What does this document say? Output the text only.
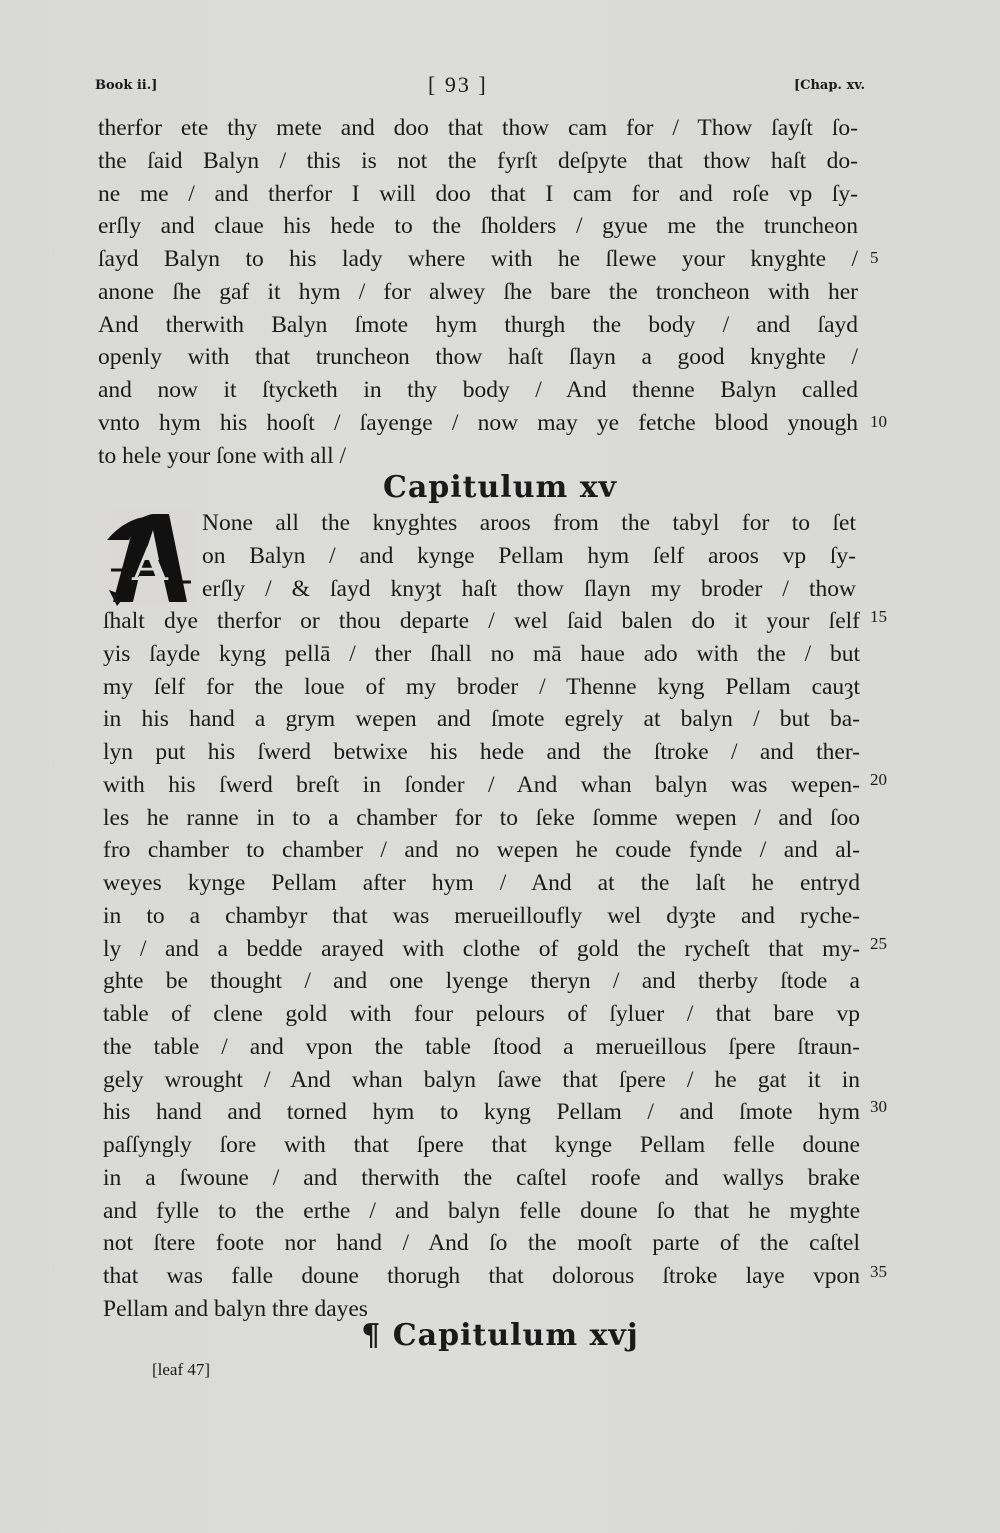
Book ii.]	[ 93 ]	[Chap. xv.
therfor ete thy mete and doo that thow cam for / Thow ſayſt ſo-
the ſaid Balyn / this is not the fyrſt deſpyte that thow haſt do-
ne me / and therfor I will doo that I cam for and roſe vp ſy-
erſly and claue his hede to the ſholders / gyue me the truncheon
ſayd Balyn to his lady where with he ſlewe your knyghte /
anone ſhe gaf it hym / for alwey ſhe bare the troncheon with her
And therwith Balyn ſmote hym thurgh the body / and ſayd
openly with that truncheon thow haſt ſlayn a good knyghte /
and now it ſtycketh in thy body / And thenne Balyn called
vnto hym his hooſt / ſayenge / now may ye fetche blood ynough
to hele your ſone with all /
Capitulum xv
A
None all the knyghtes aroos from the tabyl for to ſet
on Balyn / and kynge Pellam hym ſelf aroos vp ſy-
erſly / & ſayd knyȝt haſt thow ſlayn my broder / thow
ſhalt dye therfor or thou departe / wel ſaid balen do it your ſelf
yis ſayde kyng pellā / ther ſhall no mā haue ado with the / but
my ſelf for the loue of my broder / Thenne kyng Pellam cauȝt
in his hand a grym wepen and ſmote egrely at balyn / but ba-
lyn put his ſwerd betwixe his hede and the ſtroke / and ther-
with his ſwerd breſt in ſonder / And whan balyn was wepen-
les he ranne in to a chamber for to ſeke ſomme wepen / and ſoo
fro chamber to chamber / and no wepen he coude fynde / and al-
weyes kynge Pellam after hym / And at the laſt he entryd
in to a chambyr that was merueilloufly wel dyȝte and ryche-
ly / and a bedde arayed with clothe of gold the rycheſt that my-
ghte be thought / and one lyenge theryn / and therby ſtode a
table of clene gold with four pelours of ſyluer / that bare vp
the table / and vpon the table ſtood a merueillous ſpere ſtraun-
gely wrought / And whan balyn ſawe that ſpere / he gat it in
his hand and torned hym to kyng Pellam / and ſmote hym
paſſyngly ſore with that ſpere that kynge Pellam felle doune
in a ſwoune / and therwith the caſtel roofe and wallys brake
and fylle to the erthe / and balyn felle doune ſo that he myghte
not ſtere foote nor hand / And ſo the mooſt parte of the caſtel
that was falle doune thorugh that dolorous ſtroke laye vpon
Pellam and balyn thre dayes
5
10
15
20
25
30
35
¶ Capitulum xvj
[leaf 47]
